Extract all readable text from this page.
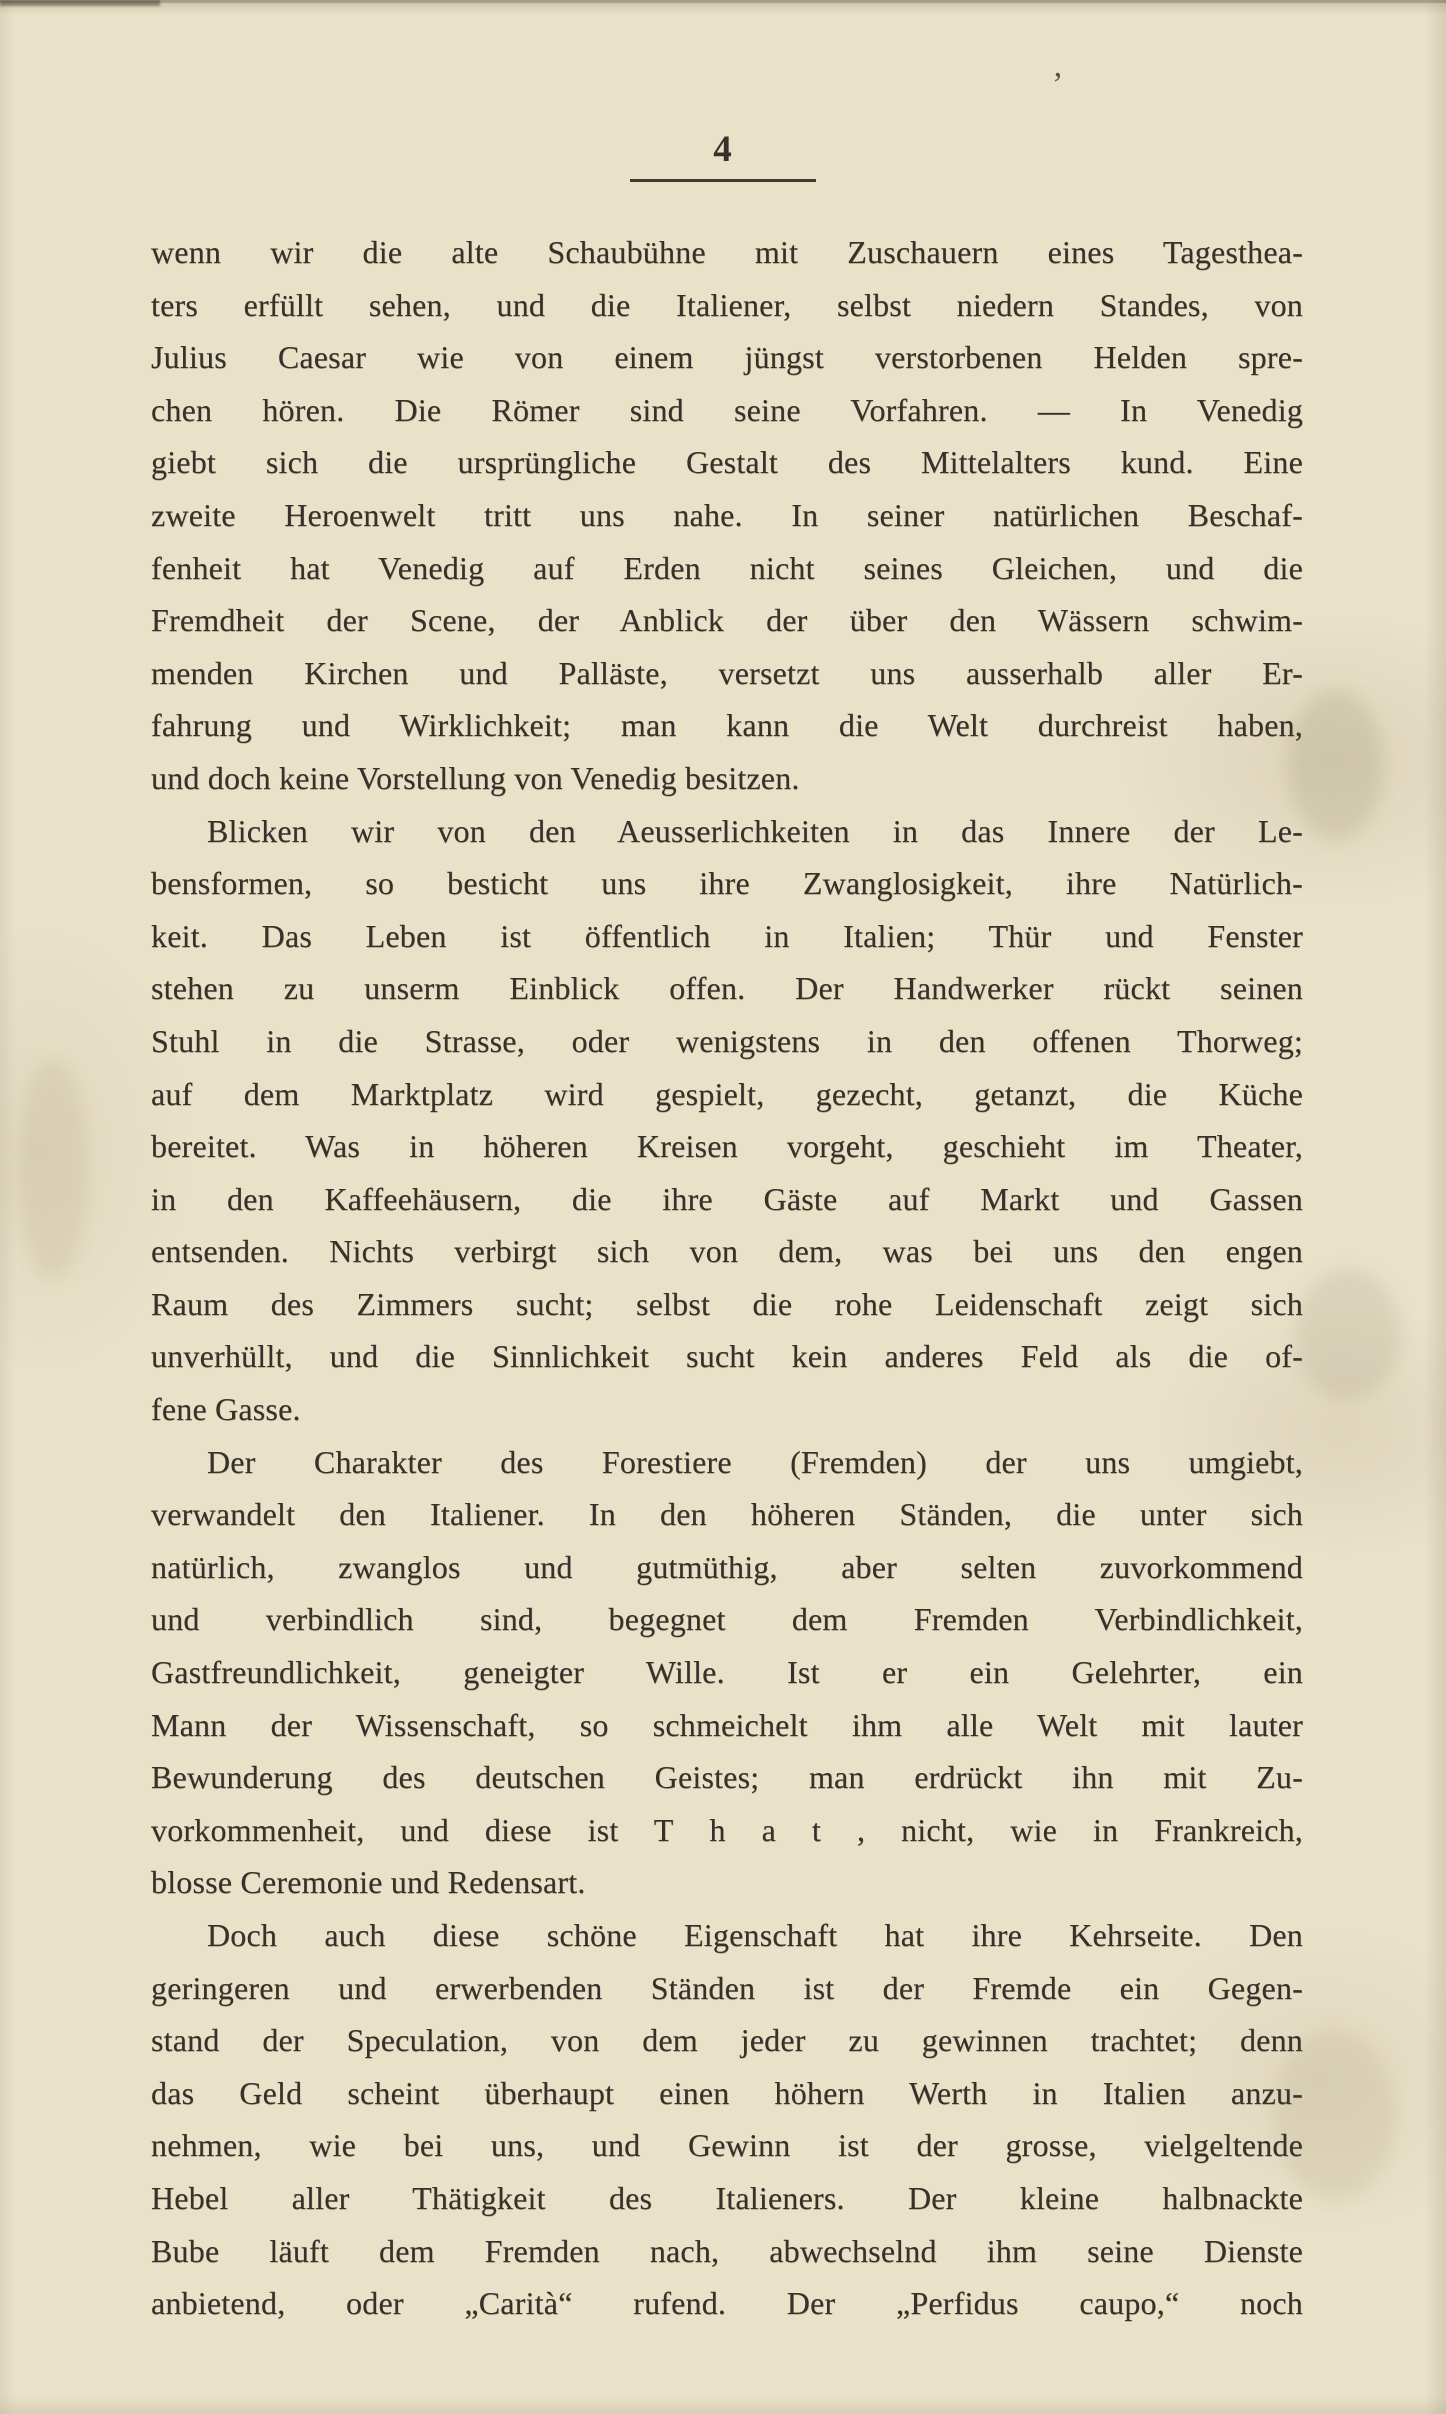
4
wenn wir die alte Schaubühne mit Zuschauern eines Tagesthea-
ters erfüllt sehen, und die Italiener, selbst niedern Standes, von
Julius Caesar wie von einem jüngst verstorbenen Helden spre-
chen hören. Die Römer sind seine Vorfahren. — In Venedig
giebt sich die ursprüngliche Gestalt des Mittelalters kund. Eine
zweite Heroenwelt tritt uns nahe. In seiner natürlichen Beschaf-
fenheit hat Venedig auf Erden nicht seines Gleichen, und die
Fremdheit der Scene, der Anblick der über den Wässern schwim-
menden Kirchen und Palläste, versetzt uns ausserhalb aller Er-
fahrung und Wirklichkeit; man kann die Welt durchreist haben,
und doch keine Vorstellung von Venedig besitzen.
Blicken wir von den Aeusserlichkeiten in das Innere der Le-
bensformen, so besticht uns ihre Zwanglosigkeit, ihre Natürlich-
keit. Das Leben ist öffentlich in Italien; Thür und Fenster
stehen zu unserm Einblick offen. Der Handwerker rückt seinen
Stuhl in die Strasse, oder wenigstens in den offenen Thorweg;
auf dem Marktplatz wird gespielt, gezecht, getanzt, die Küche
bereitet. Was in höheren Kreisen vorgeht, geschieht im Theater,
in den Kaffeehäusern, die ihre Gäste auf Markt und Gassen
entsenden. Nichts verbirgt sich von dem, was bei uns den engen
Raum des Zimmers sucht; selbst die rohe Leidenschaft zeigt sich
unverhüllt, und die Sinnlichkeit sucht kein anderes Feld als die of-
fene Gasse.
Der Charakter des Forestiere (Fremden) der uns umgiebt,
verwandelt den Italiener. In den höheren Ständen, die unter sich
natürlich, zwanglos und gutmüthig, aber selten zuvorkommend
und verbindlich sind, begegnet dem Fremden Verbindlichkeit,
Gastfreundlichkeit, geneigter Wille. Ist er ein Gelehrter, ein
Mann der Wissenschaft, so schmeichelt ihm alle Welt mit lauter
Bewunderung des deutschen Geistes; man erdrückt ihn mit Zu-
vorkommenheit, und diese ist T h a t , nicht, wie in Frankreich,
blosse Ceremonie und Redensart.
Doch auch diese schöne Eigenschaft hat ihre Kehrseite. Den
geringeren und erwerbenden Ständen ist der Fremde ein Gegen-
stand der Speculation, von dem jeder zu gewinnen trachtet; denn
das Geld scheint überhaupt einen höhern Werth in Italien anzu-
nehmen, wie bei uns, und Gewinn ist der grosse, vielgeltende
Hebel aller Thätigkeit des Italieners. Der kleine halbnackte
Bube läuft dem Fremden nach, abwechselnd ihm seine Dienste
anbietend, oder „Carità“ rufend. Der „Perfidus caupo,“ noch
’
